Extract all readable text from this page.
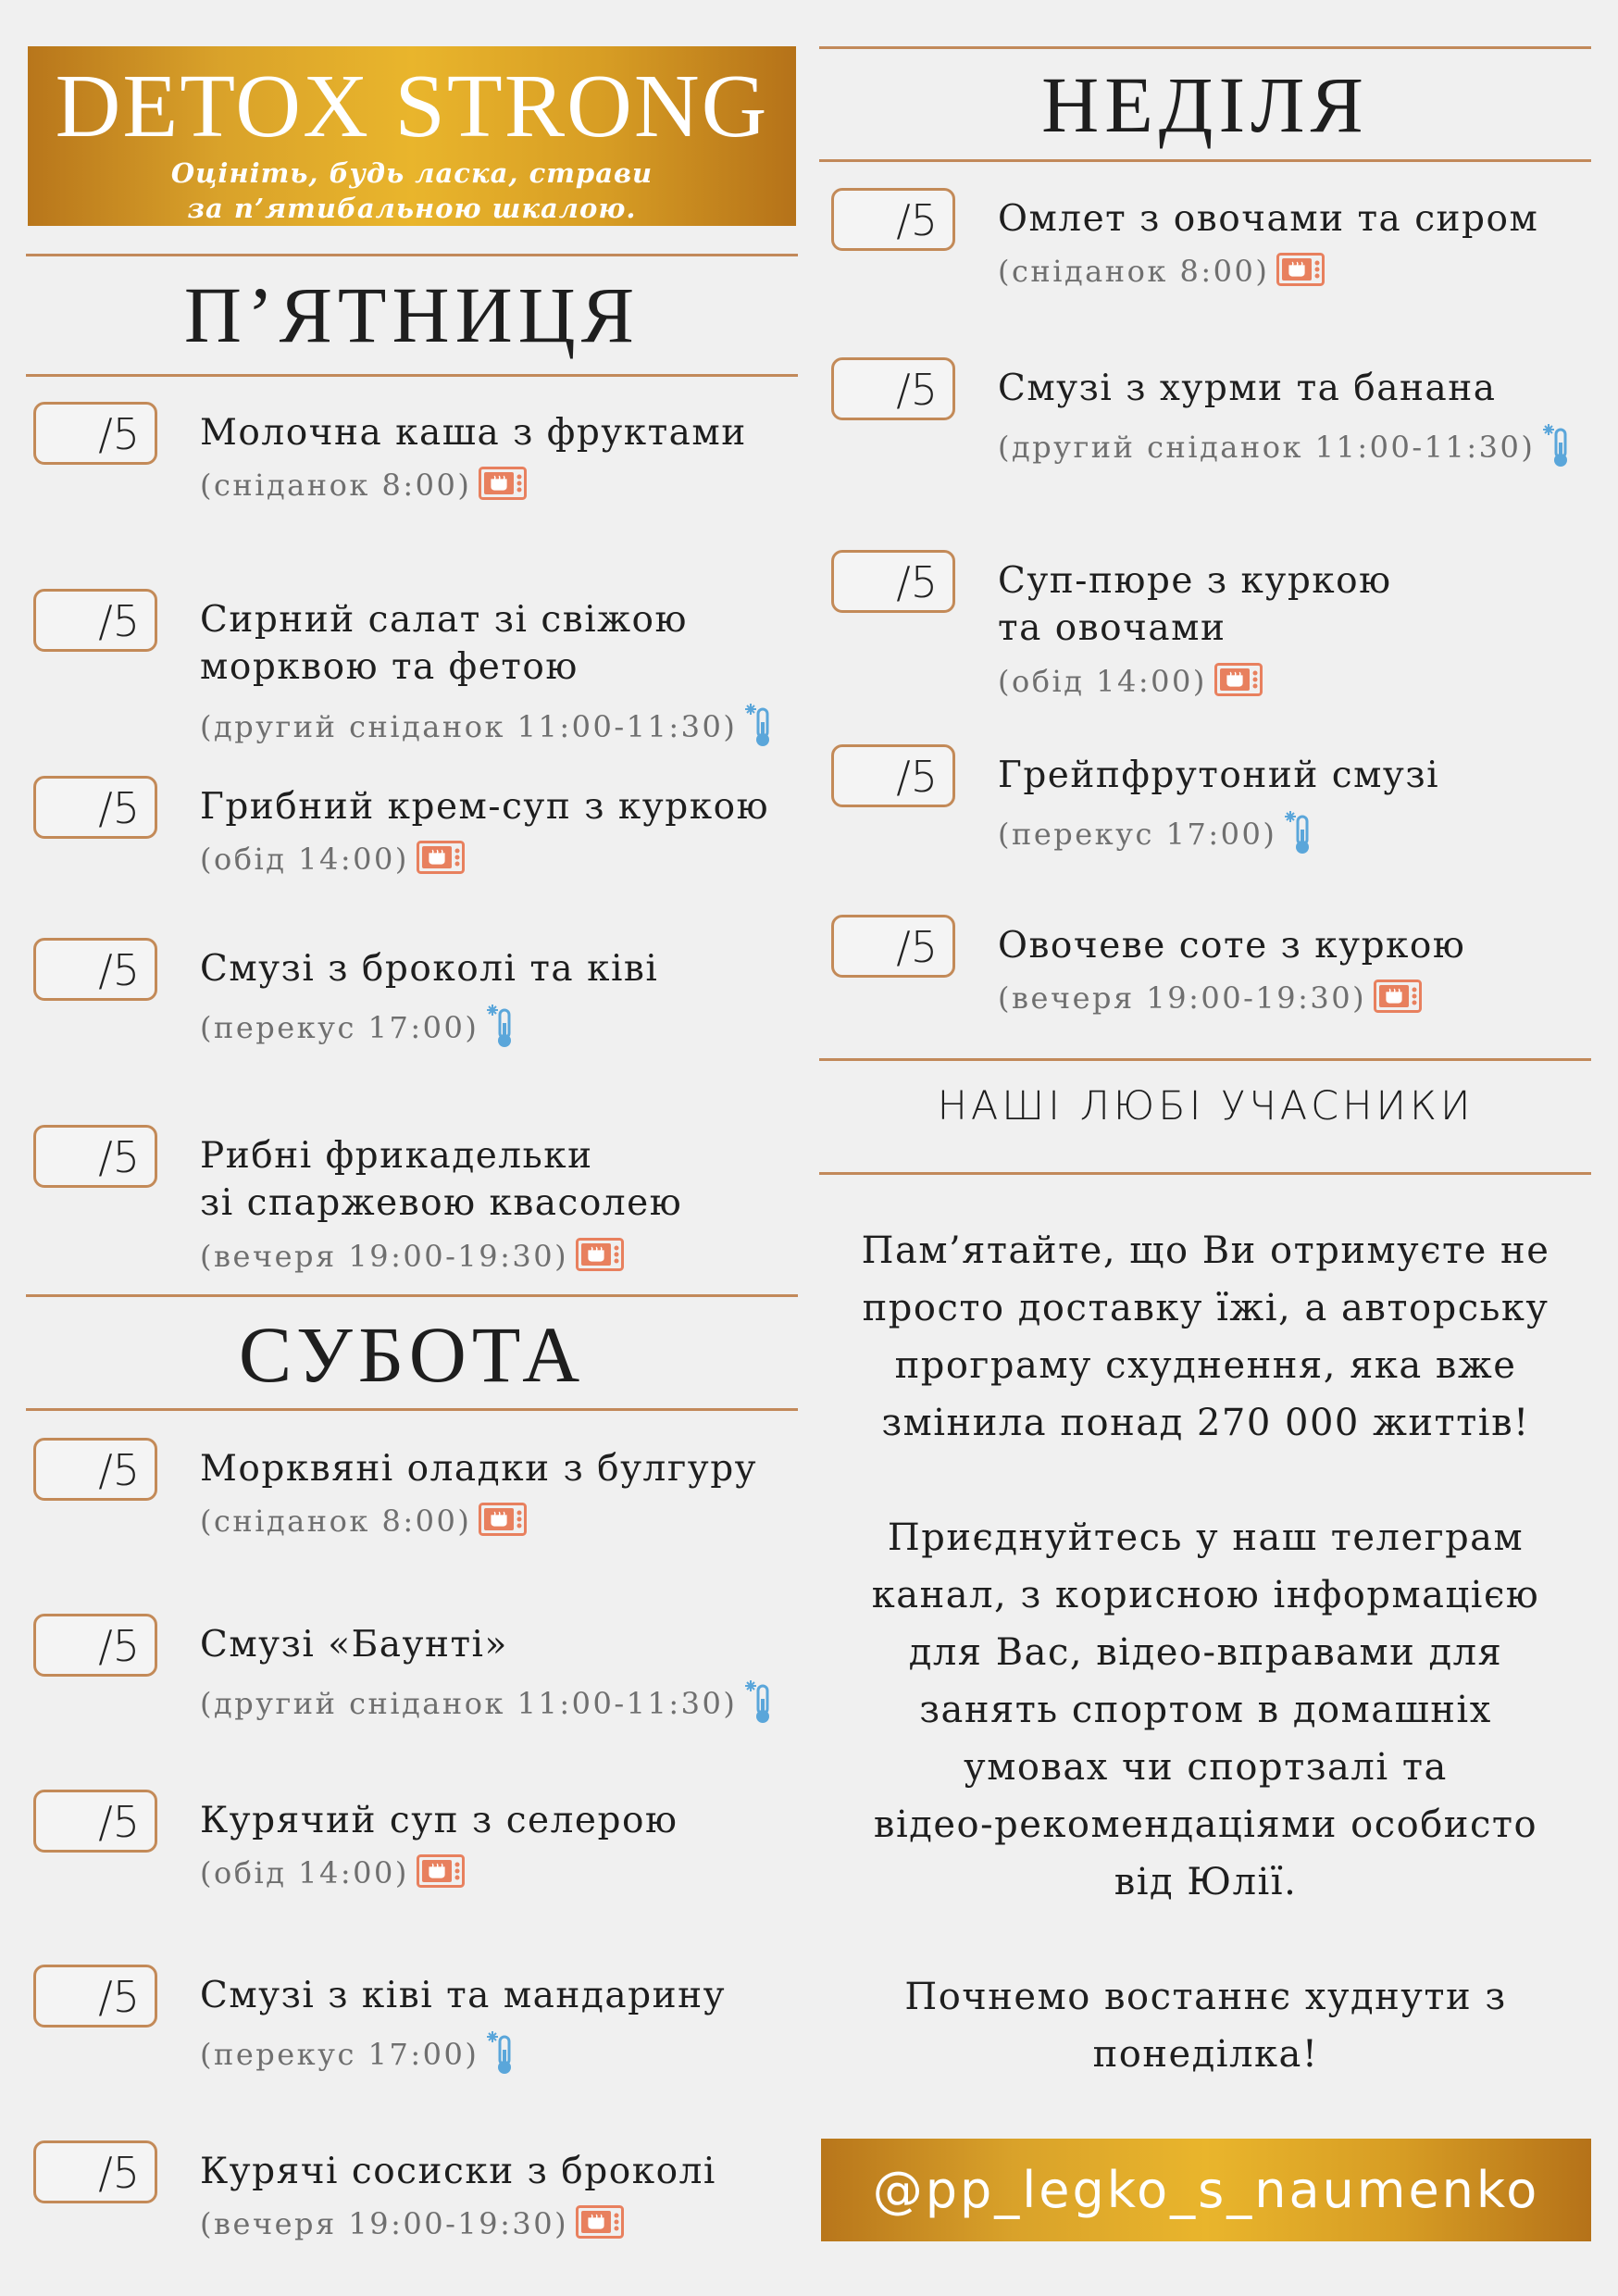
DETOX STRONG
Оцініть, будь ласка, страви
за п’ятибальною шкалою.
П’ЯТНИЦЯ
СУБОТА
НЕДІЛЯ
НАШІ ЛЮБІ УЧАСНИКИ

Пам’ятайте, що Ви отримуєте не
просто доставку їжі, а авторську
програму схуднення, яка вже
змінила понад 270 000 життів!

Приєднуйтесь у наш телеграм
канал, з корисною інформацією
для Вас, відео-вправами для
занять спортом в домашніх
умовах чи спортзалі та
відео-рекомендаціями особисто
від Юлії.

Почнемо востаннє худнути з
понеділка!

@pp_legko_s_naumenko
/5 Молочна каша з фруктами
(сніданок 8:00)
/5 Сирний салат зі свіжою
морквою та фетою
(другий сніданок 11:00-11:30)
/5 Грибний крем-суп з куркою
(обід 14:00)
/5 Смузі з броколі та ківі
(перекус 17:00)
/5 Рибні фрикадельки
зі спаржевою квасолею
(вечеря 19:00-19:30)
/5 Морквяні оладки з булгуру
(сніданок 8:00)
/5 Смузі «Баунті»
(другий сніданок 11:00-11:30)
/5 Курячий суп з селерою
(обід 14:00)
/5 Смузі з ківі та мандарину
(перекус 17:00)
/5 Курячі сосиски з броколі
(вечеря 19:00-19:30)
/5 Омлет з овочами та сиром
(сніданок 8:00)
/5 Смузі з хурми та банана
(другий сніданок 11:00-11:30)
/5 Суп-пюре з куркою
та овочами
(обід 14:00)
/5 Грейпфрутоний смузі
(перекус 17:00)
/5 Овочеве соте з куркою
(вечеря 19:00-19:30)
